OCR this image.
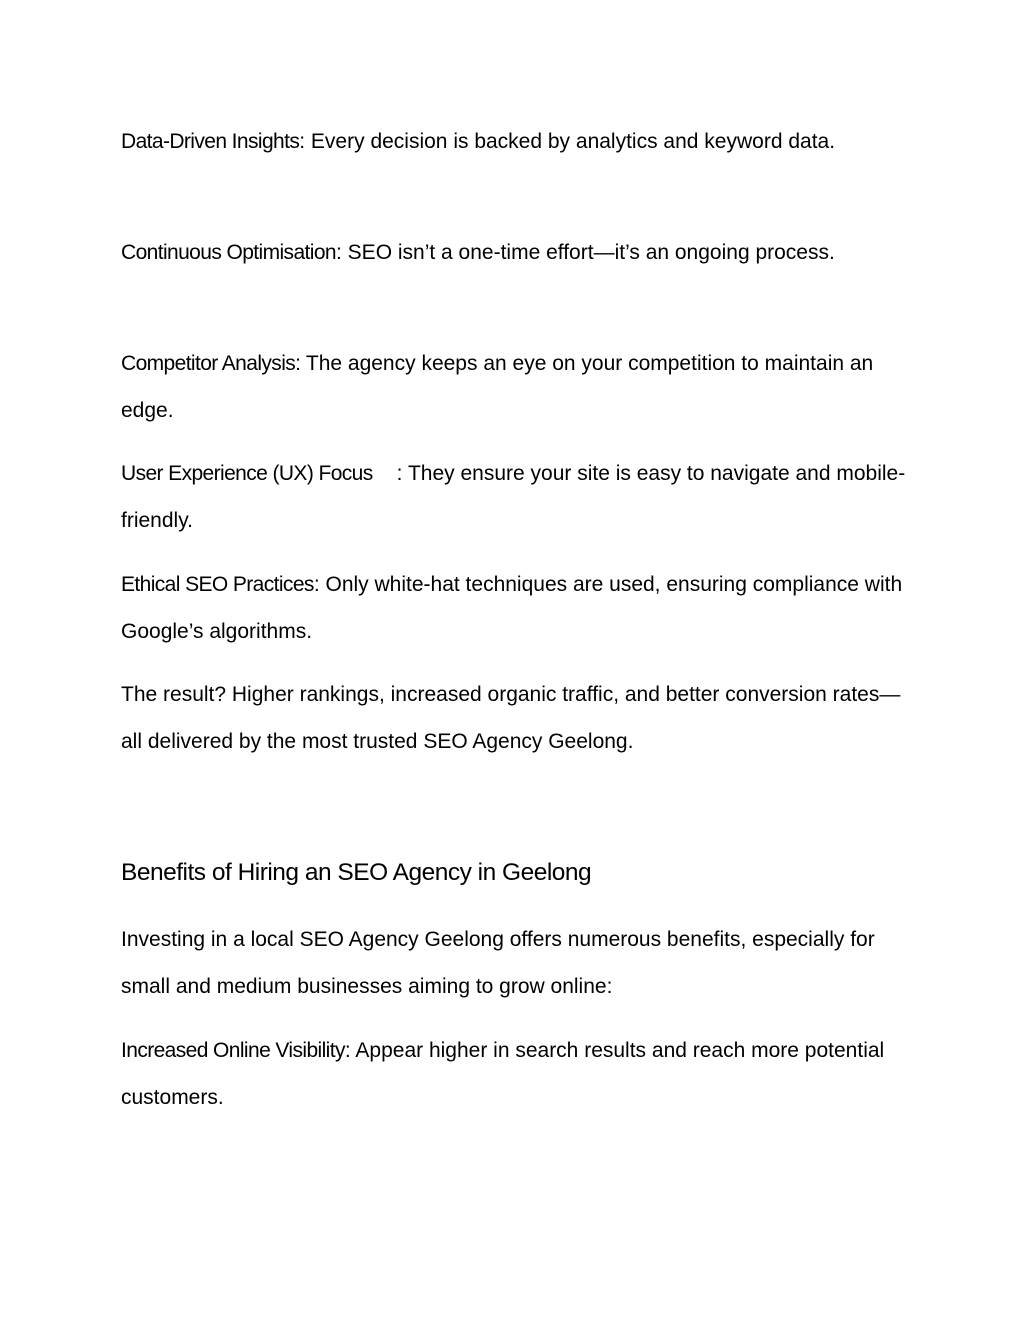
Data-Driven Insights: Every decision is backed by analytics and keyword data.

Continuous Optimisation: SEO isn’t a one-time effort—it’s an ongoing process.

Competitor Analysis: The agency keeps an eye on your competition to maintain an edge.

User Experience (UX) Focus : They ensure your site is easy to navigate and mobile-friendly.

Ethical SEO Practices: Only white-hat techniques are used, ensuring compliance with Google’s algorithms.

The result? Higher rankings, increased organic traffic, and better conversion rates—all delivered by the most trusted SEO Agency Geelong.

Benefits of Hiring an SEO Agency in Geelong

Investing in a local SEO Agency Geelong offers numerous benefits, especially for small and medium businesses aiming to grow online:

Increased Online Visibility: Appear higher in search results and reach more potential customers.
